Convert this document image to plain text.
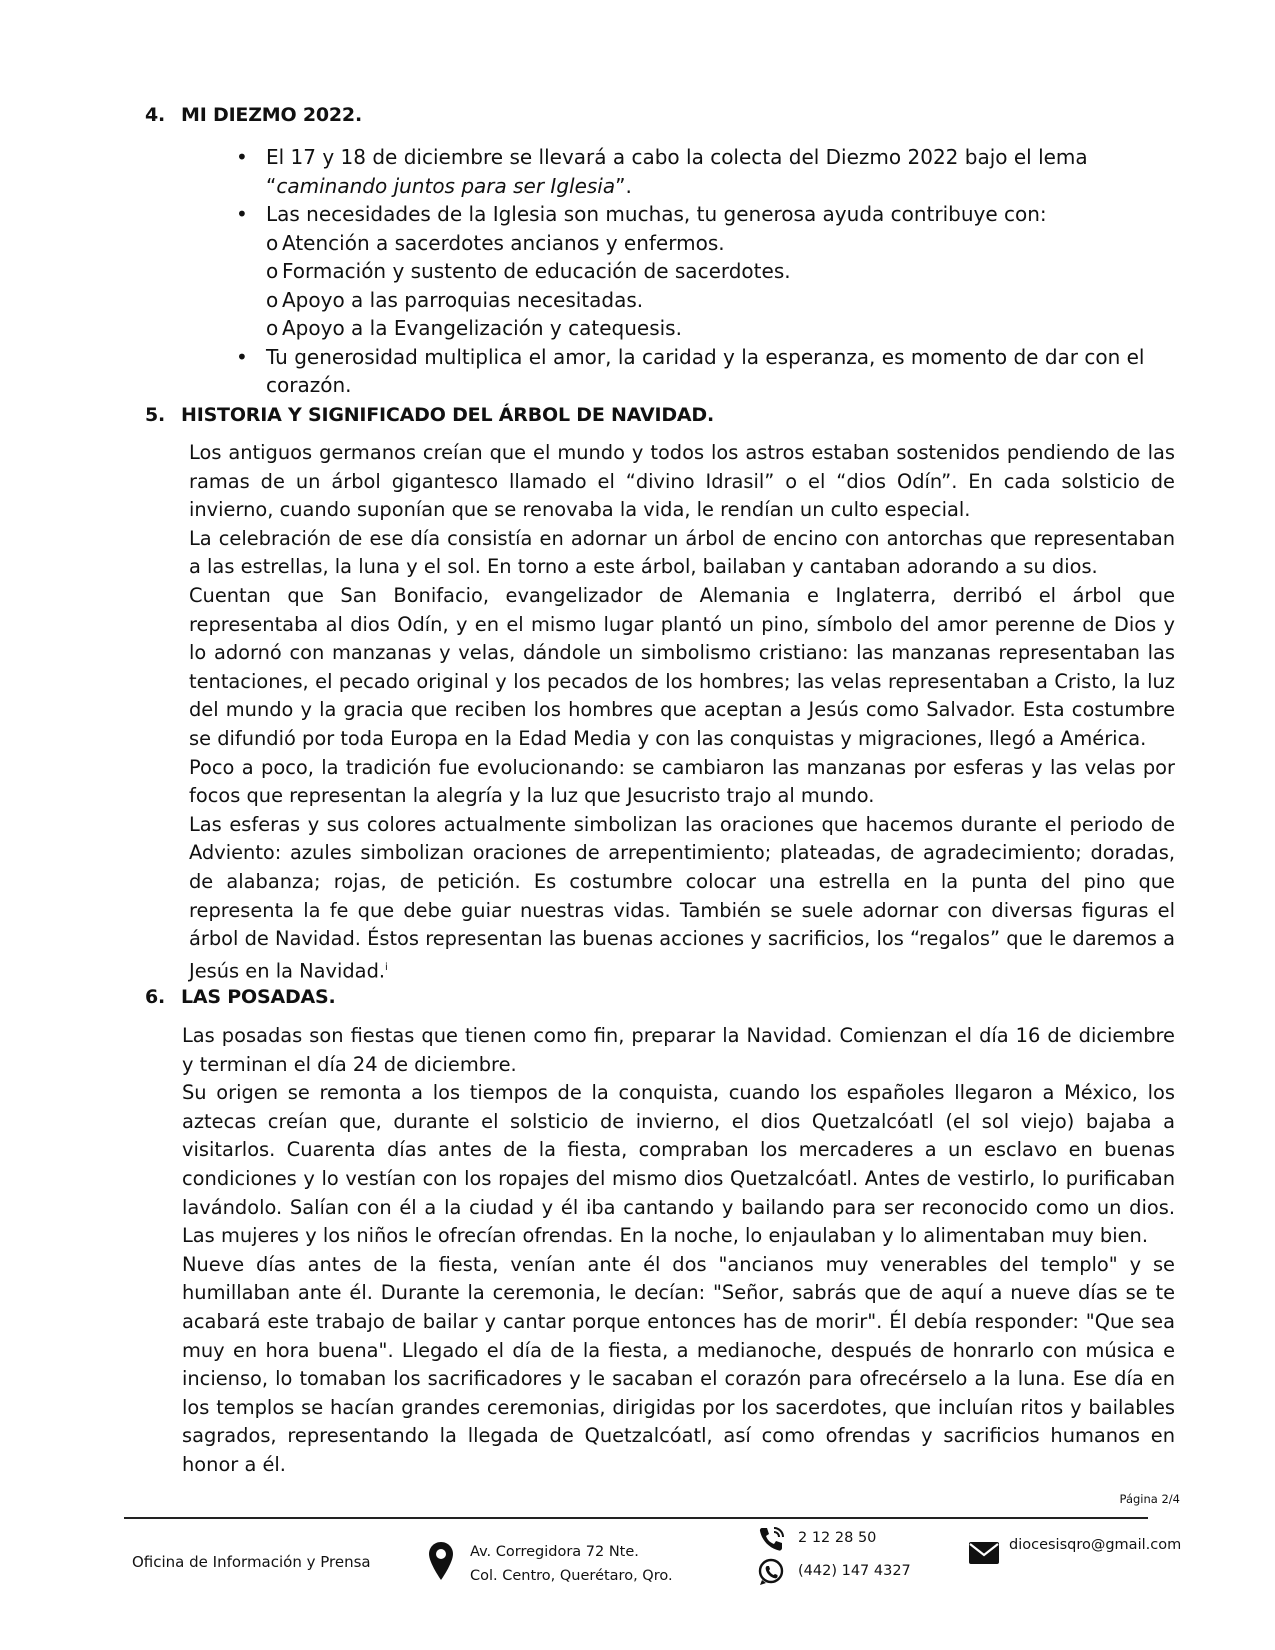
4. MI DIEZMO 2022.
• El 17 y 18 de diciembre se llevará a cabo la colecta del Diezmo 2022 bajo el lema “caminando juntos para ser Iglesia”.
• Las necesidades de la Iglesia son muchas, tu generosa ayuda contribuye con:
o Atención a sacerdotes ancianos y enfermos.
o Formación y sustento de educación de sacerdotes.
o Apoyo a las parroquias necesitadas.
o Apoyo a la Evangelización y catequesis.
• Tu generosidad multiplica el amor, la caridad y la esperanza, es momento de dar con el corazón.
5. HISTORIA Y SIGNIFICADO DEL ÁRBOL DE NAVIDAD.

Los antiguos germanos creían que el mundo y todos los astros estaban sostenidos pendiendo de las ramas de un árbol gigantesco llamado el “divino Idrasil” o el “dios Odín”. En cada solsticio de invierno, cuando suponían que se renovaba la vida, le rendían un culto especial.

La celebración de ese día consistía en adornar un árbol de encino con antorchas que representaban a las estrellas, la luna y el sol. En torno a este árbol, bailaban y cantaban adorando a su dios.

Cuentan que San Bonifacio, evangelizador de Alemania e Inglaterra, derribó el árbol que representaba al dios Odín, y en el mismo lugar plantó un pino, símbolo del amor perenne de Dios y lo adornó con manzanas y velas, dándole un simbolismo cristiano: las manzanas representaban las tentaciones, el pecado original y los pecados de los hombres; las velas representaban a Cristo, la luz del mundo y la gracia que reciben los hombres que aceptan a Jesús como Salvador. Esta costumbre se difundió por toda Europa en la Edad Media y con las conquistas y migraciones, llegó a América.

Poco a poco, la tradición fue evolucionando: se cambiaron las manzanas por esferas y las velas por focos que representan la alegría y la luz que Jesucristo trajo al mundo.

Las esferas y sus colores actualmente simbolizan las oraciones que hacemos durante el periodo de Adviento: azules simbolizan oraciones de arrepentimiento; plateadas, de agradecimiento; doradas, de alabanza; rojas, de petición. Es costumbre colocar una estrella en la punta del pino que representa la fe que debe guiar nuestras vidas. También se suele adornar con diversas figuras el árbol de Navidad. Éstos representan las buenas acciones y sacrificios, los “regalos” que le daremos a Jesús en la Navidad.$^i$

6. LAS POSADAS.

Las posadas son fiestas que tienen como fin, preparar la Navidad. Comienzan el día 16 de diciembre y terminan el día 24 de diciembre.

Su origen se remonta a los tiempos de la conquista, cuando los españoles llegaron a México, los aztecas creían que, durante el solsticio de invierno, el dios Quetzalcóatl (el sol viejo) bajaba a visitarlos. Cuarenta días antes de la fiesta, compraban los mercaderes a un esclavo en buenas condiciones y lo vestían con los ropajes del mismo dios Quetzalcóatl. Antes de vestirlo, lo purificaban lavándolo. Salían con él a la ciudad y él iba cantando y bailando para ser reconocido como un dios. Las mujeres y los niños le ofrecían ofrendas. En la noche, lo enjaulaban y lo alimentaban muy bien.

Nueve días antes de la fiesta, venían ante él dos "ancianos muy venerables del templo" y se humillaban ante él. Durante la ceremonia, le decían: "Señor, sabrás que de aquí a nueve días se te acabará este trabajo de bailar y cantar porque entonces has de morir". Él debía responder: "Que sea muy en hora buena". Llegado el día de la fiesta, a medianoche, después de honrarlo con música e incienso, lo tomaban los sacrificadores y le sacaban el corazón para ofrecérselo a la luna. Ese día en los templos se hacían grandes ceremonias, dirigidas por los sacerdotes, que incluían ritos y bailables sagrados, representando la llegada de Quetzalcóatl, así como ofrendas y sacrificios humanos en honor a él.

Página 2/4
Oficina de Información y Prensa
Av. Corregidora 72 Nte.
Col. Centro, Querétaro, Qro.
2 12 28 50
(442) 147 4327
diocesisqro@gmail.com
